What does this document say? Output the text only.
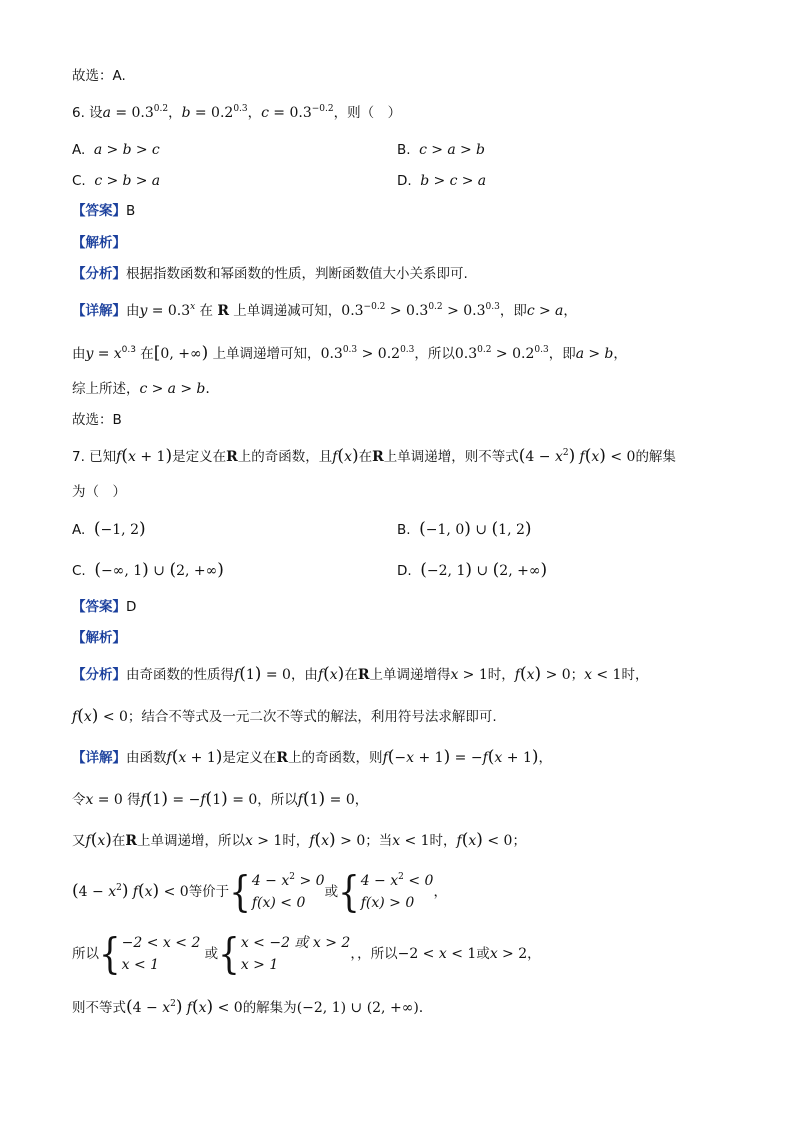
故选：A.
6. 设$a = 0.3^{0.2}$，$b = 0.2^{0.3}$，$c = 0.3^{-0.2}$，则（　）
A. a > b > c	B. c > a > b
C. c > b > a	D. b > c > a
【答案】B
【解析】
【分析】根据指数函数和幂函数的性质，判断函数值大小关系即可.
【详解】由$y = 0.3^x$ 在 R 上单调递减可知，$0.3^{-0.2} > 0.3^{0.2} > 0.3^{0.3}$，即c > a，
由$y = x^{0.3}$ 在[0, +∞) 上单调递增可知，$0.3^{0.3} > 0.2^{0.3}$，所以$0.3^{0.2} > 0.2^{0.3}$，即a > b，
综上所述，c > a > b.
故选：B
7. 已知f(x + 1)是定义在R上的奇函数，且f(x)在R上单调递增，则不等式$(4 - x^2)$ f(x) < 0的解集
为（　）
A. (−1, 2)	B. (−1, 0) ∪ (1, 2)
C. (−∞, 1) ∪ (2, +∞)	D. (−2, 1) ∪ (2, +∞)
【答案】D
【解析】
【分析】由奇函数的性质得f(1) = 0，由f(x)在R上单调递增得x > 1时，f(x) > 0；x < 1时，
f(x) < 0；结合不等式及一元二次不等式的解法，利用符号法求解即可.
【详解】由函数f(x + 1)是定义在R上的奇函数，则f(−x + 1) = −f(x + 1)，
令x = 0 得f(1) = −f(1) = 0，所以f(1) = 0，
又f(x)在R上单调递增，所以x > 1时，f(x) > 0；当x < 1时，f(x) < 0；
$(4 - x^2)$ f(x) < 0等价于{$4 - x^2 > 0$
f(x) < 0或{$4 - x^2 < 0$
f(x) > 0，
所以{−2 < x < 2
x < 1 或{x < −2 或 x > 2
x > 1，，所以−2 < x < 1或x > 2，
则不等式$(4 - x^2)$ f(x) < 0的解集为(−2, 1) ∪ (2, +∞).
